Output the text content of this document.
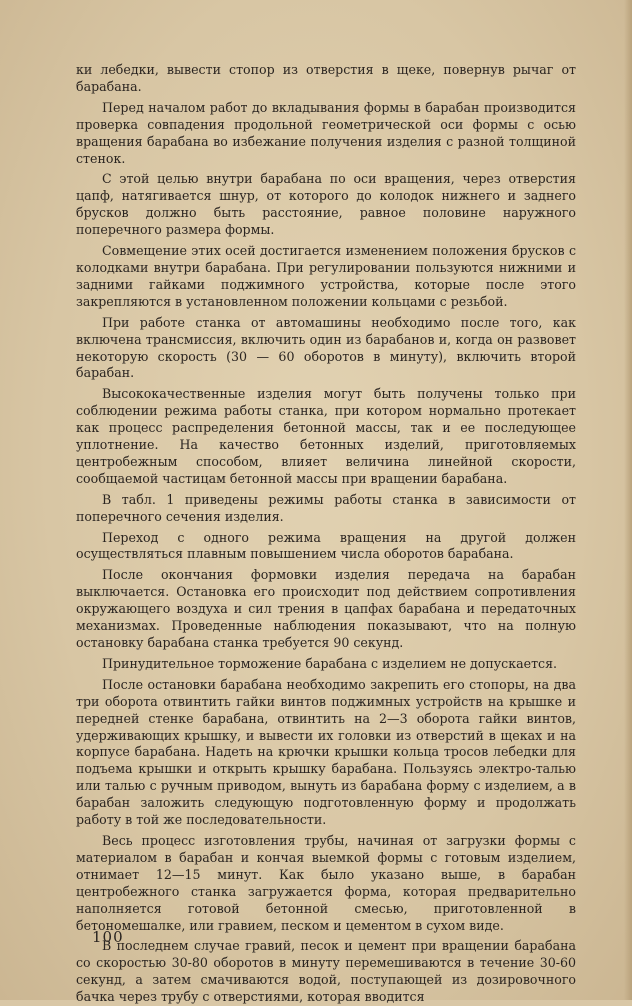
ки лебедки, вывести стопор из отверстия в щеке, повернув рычаг от барабана.

Перед началом работ до вкладывания формы в барабан производится проверка совпадения продольной геометрической оси формы с осью вращения барабана во избежание получения изделия с разной толщиной стенок.

С этой целью внутри барабана по оси вращения, через отверстия цапф, натягивается шнур, от которого до колодок нижнего и заднего брусков должно быть расстояние, равное половине наружного поперечного размера формы.

Совмещение этих осей достигается изменением положения брусков с колодками внутри барабана. При регулировании пользуются нижними и задними гайками поджимного устройства, которые после этого закрепляются в установленном положении кольцами с резьбой.

При работе станка от автомашины необходимо после того, как включена трансмиссия, включить один из барабанов и, когда он развовет некоторую скорость (30 — 60 оборотов в минуту), включить второй барабан.

Высококачественные изделия могут быть получены только при соблюдении режима работы станка, при котором нормально протекает как процесс распределения бетонной массы, так и ее последующее уплотнение. На качество бетонных изделий, приготовляемых центробежным способом, влияет величина линейной скорости, сообщаемой частицам бетонной массы при вращении барабана.

В табл. 1 приведены режимы работы станка в зависимости от поперечного сечения изделия.

Переход с одного режима вращения на другой должен осуществляться плавным повышением числа оборотов барабана.

После окончания формовки изделия передача на барабан выключается. Остановка его происходит под действием сопротивления окружающего воздуха и сил трения в цапфах барабана и передаточных механизмах. Проведенные наблюдения показывают, что на полную остановку барабана станка требуется 90 секунд.

Принудительное торможение барабана с изделием не допускается.

После остановки барабана необходимо закрепить его стопоры, на два три оборота отвинтить гайки винтов поджимных устройств на крышке и передней стенке барабана, отвинтить на 2—3 оборота гайки винтов, удерживающих крышку, и вывести их головки из отверстий в щеках и на корпусе барабана. Надеть на крючки крышки кольца тросов лебедки для подъема крышки и открыть крышку барабана. Пользуясь электро-талью или талью с ручным приводом, вынуть из барабана форму с изделием, а в барабан заложить следующую подготовленную форму и продолжать работу в той же последовательности.

Весь процесс изготовления трубы, начиная от загрузки формы с материалом в барабан и кончая выемкой формы с готовым изделием, отнимает 12—15 минут. Как было указано выше, в барабан центробежного станка загружается форма, которая предварительно наполняется готовой бетонной смесью, приготовленной в бетономешалке, или гравием, песком и цементом в сухом виде.

В последнем случае гравий, песок и цемент при вращении барабана со скоростью 30-80 оборотов в минуту перемешиваются в течение 30-60 секунд, а затем смачиваются водой, поступающей из дозировочного бачка через трубу с отверстиями, которая вводится

100
